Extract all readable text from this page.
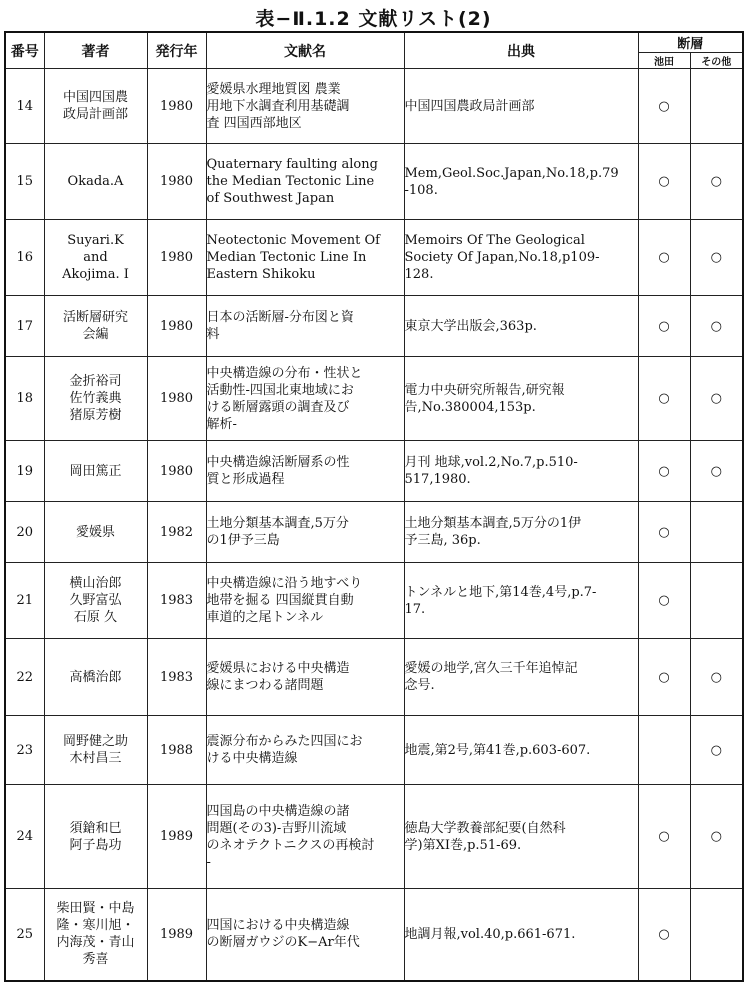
表−Ⅱ.1.2 文献リスト(2)
番号	著者	発行年	文献名	出典	断層	
					池田	その他

14	中国四国農
政局計画部	1980	愛媛県水理地質図 農業
用地下水調査利用基礎調
査 四国西部地区	中国四国農政局計画部	○	

15	Okada.A	1980	Quaternary faulting along
the Median Tectonic Line
of Southwest Japan	Mem,Geol.Soc.Japan,No.18,p.79
-108.	○	○

16	Suyari.K
and
Akojima. I	1980	Neotectonic Movement Of
Median Tectonic Line In
Eastern Shikoku	Memoirs Of The Geological
Society Of Japan,No.18,p109-
128.	○	○

17	活断層研究
会編	1980	日本の活断層-分布図と資
料	東京大学出版会,363p.	○	○

18	金折裕司
佐竹義典
猪原芳樹	1980	中央構造線の分布・性状と
活動性-四国北東地域にお
ける断層露頭の調査及び
解析-	電力中央研究所報告,研究報
告,No.380004,153p.	○	○

19	岡田篤正	1980	中央構造線活断層系の性
質と形成過程	月刊 地球,vol.2,No.7,p.510-
517,1980.	○	○

20	愛媛県	1982	土地分類基本調査,5万分
の1伊予三島	土地分類基本調査,5万分の1伊
予三島, 36p.	○	

21	横山治郎
久野富弘
石原 久	1983	中央構造線に沿う地すべり
地帯を掘る 四国縦貫自動
車道的之尾トンネル	トンネルと地下,第14巻,4号,p.7-
17.	○	

22	高橋治郎	1983	愛媛県における中央構造
線にまつわる諸問題	愛媛の地学,宮久三千年追悼記
念号.	○	○

23	岡野健之助
木村昌三	1988	震源分布からみた四国にお
ける中央構造線	地震,第2号,第41巻,p.603-607.		○

24	須鎗和巳
阿子島功	1989	四国島の中央構造線の諸
問題(その3)-吉野川流域
のネオテクトニクスの再検討
-	徳島大学教養部紀要(自然科
学)第XI巻,p.51-69.	○	○

25	柴田賢・中島
隆・寒川旭・
内海茂・青山
秀喜	1989	四国における中央構造線
の断層ガウジのK−Ar年代	地調月報,vol.40,p.661-671.	○	
